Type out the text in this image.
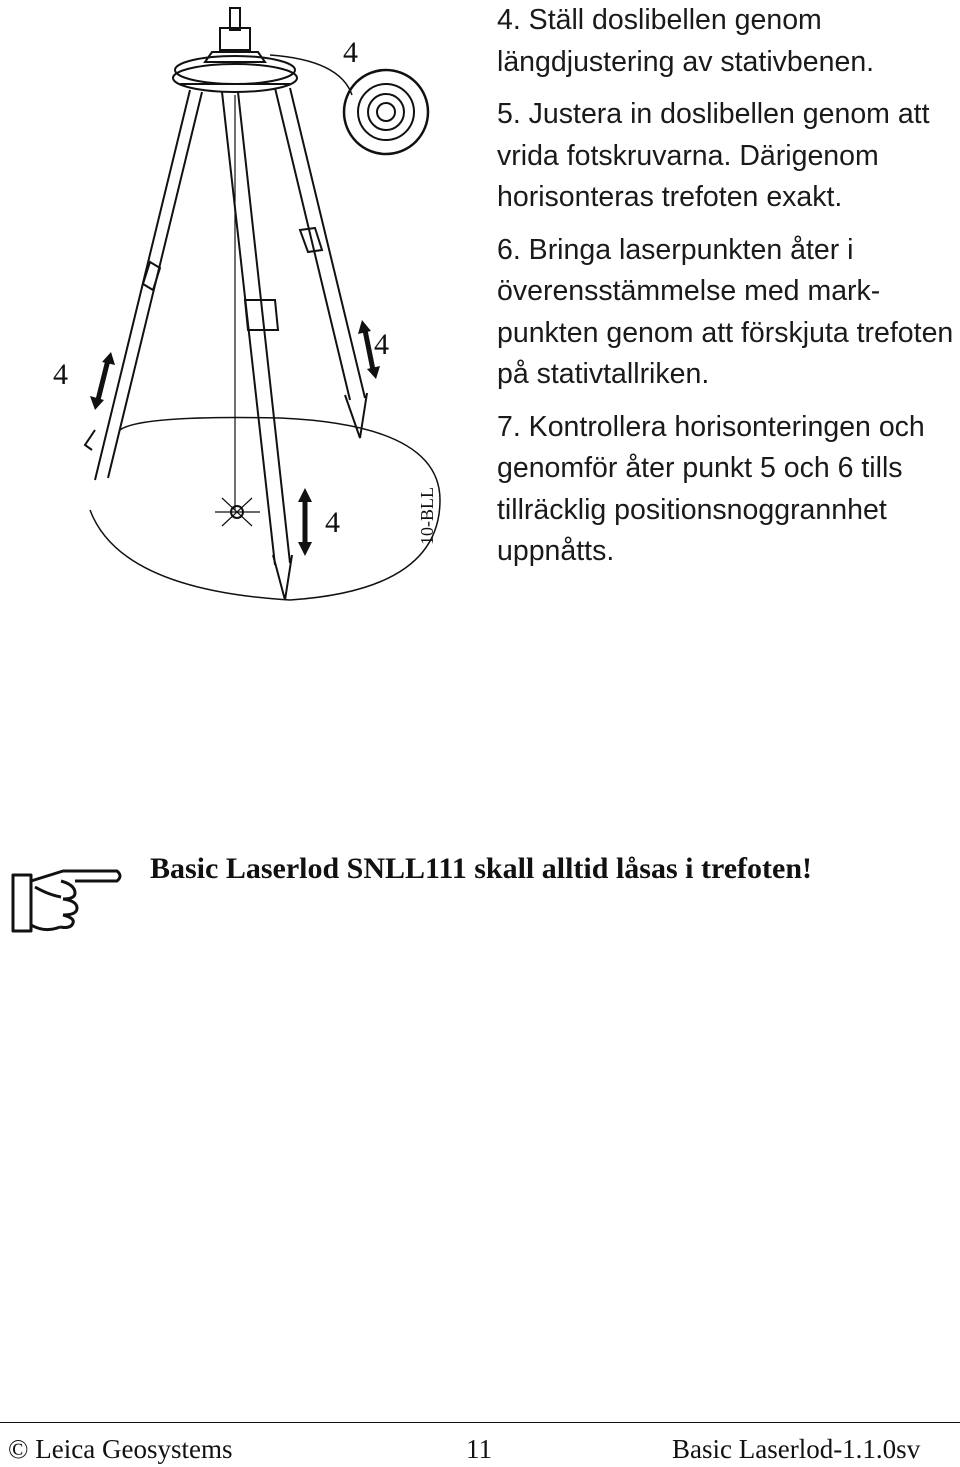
4
4
4
4	10-BLL

4. Ställ doslibellen genom längdjustering av stativbenen.

5. Justera in doslibellen genom att vrida fotskruvarna. Därigenom horisonteras trefoten exakt.

6. Bringa laserpunkten åter i överensstämmelse med markpunkten genom att förskjuta trefoten på stativtallriken.

7. Kontrollera horisonteringen och genomför åter punkt 5 och 6 tills tillräcklig positionsnoggrannhet uppnåtts.

Basic Laserlod SNLL111 skall alltid låsas i trefoten!
© Leica Geosystems	11	Basic Laserlod-1.1.0sv
